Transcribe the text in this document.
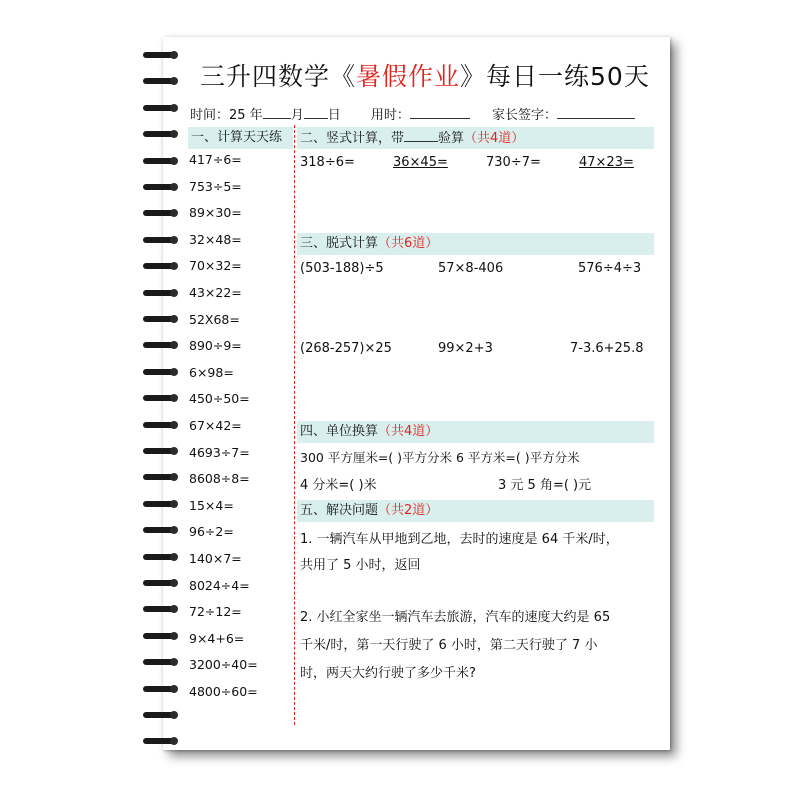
三升四数学《暑假作业》每日一练50天
时间：25 年 月 日 用时：	家长签字：
一、计算天天练
417÷6=
753÷5=
89×30=
32×48=
70×32=
43×22=
52X68=
890÷9=
6×98=
450÷50=
67×42=
4693÷7=
8608÷8=
15×4=
96÷2=
140×7=
8024÷4=
72÷12=
9×4+6=
3200÷40=
4800÷60=
二、竖式计算，带	验算（共4道）
318÷6=	36×45=	730÷7=	47×23=
三、脱式计算（共6道）
(503-188)÷5	57×8-406	576÷4÷3
(268-257)×25	99×2+3	7-3.6+25.8
四、单位换算（共4道）
300 平方厘米=( )平方分米 6 平方米=( )平方分米
4 分米=( )米	3 元 5 角=( )元
五、解决问题（共2道）
1. 一辆汽车从甲地到乙地，去时的速度是 64 千米/时，
共用了 5 小时，返回
2. 小红全家坐一辆汽车去旅游，汽车的速度大约是 65
千米/时，第一天行驶了 6 小时，第二天行驶了 7 小
时，两天大约行驶了多少千米?
